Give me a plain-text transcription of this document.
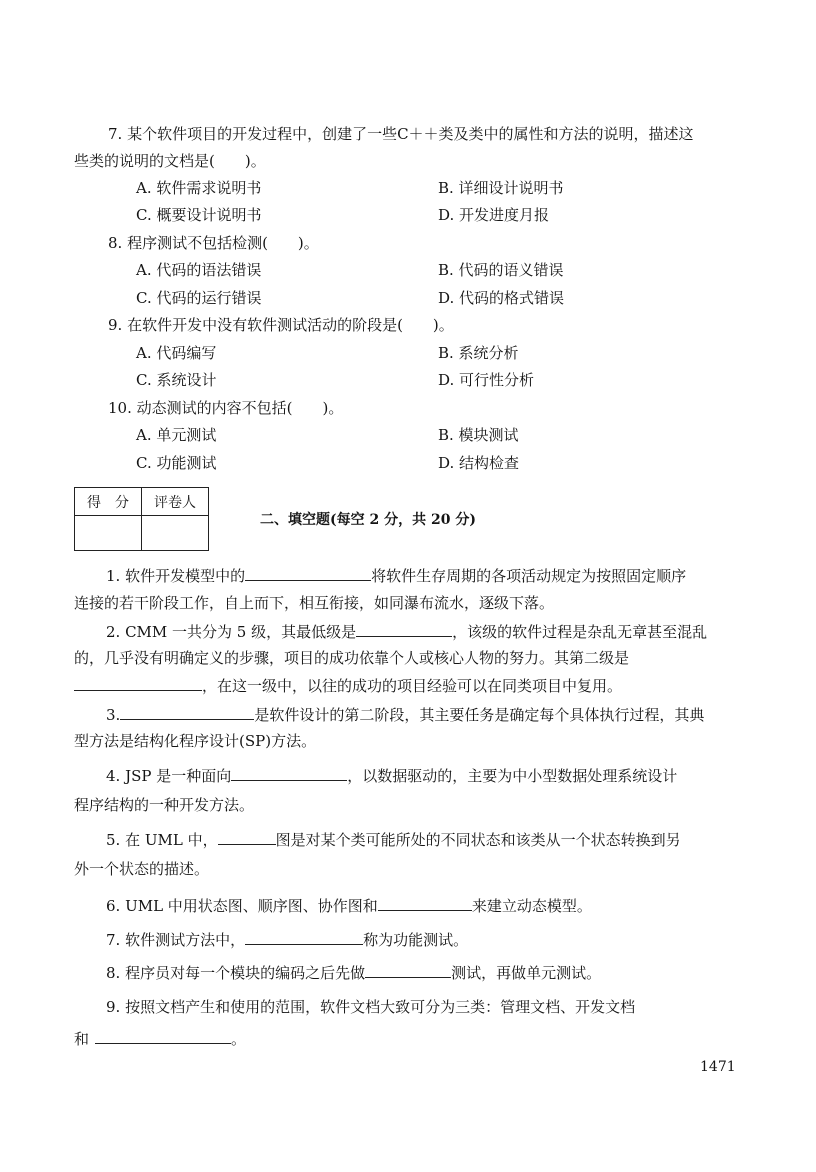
7. 某个软件项目的开发过程中，创建了一些C＋＋类及类中的属性和方法的说明，描述这
些类的说明的文档是(　　)。
A. 软件需求说明书	B. 详细设计说明书
C. 概要设计说明书	D. 开发进度月报
8. 程序测试不包括检测(　　)。
A. 代码的语法错误	B. 代码的语义错误
C. 代码的运行错误	D. 代码的格式错误
9. 在软件开发中没有软件测试活动的阶段是(　　)。
A. 代码编写	B. 系统分析
C. 系统设计	D. 可行性分析
10. 动态测试的内容不包括(　　)。
A. 单元测试	B. 模块测试
C. 功能测试	D. 结构检查
得　分	评卷人

二、填空题(每空 2 分，共 20 分)
1. 软件开发模型中的	将软件生存周期的各项活动规定为按照固定顺序
连接的若干阶段工作，自上而下，相互衔接，如同瀑布流水，逐级下落。
2. CMM 一共分为 5 级，其最低级是	，该级的软件过程是杂乱无章甚至混乱
的，几乎没有明确定义的步骤，项目的成功依靠个人或核心人物的努力。其第二级是
，在这一级中，以往的成功的项目经验可以在同类项目中复用。
3.	是软件设计的第二阶段，其主要任务是确定每个具体执行过程，其典
型方法是结构化程序设计(SP)方法。
4. JSP 是一种面向	，以数据驱动的，主要为中小型数据处理系统设计
程序结构的一种开发方法。
5. 在 UML 中，	图是对某个类可能所处的不同状态和该类从一个状态转换到另
外一个状态的描述。
6. UML 中用状态图、顺序图、协作图和	来建立动态模型。
7. 软件测试方法中，	称为功能测试。
8. 程序员对每一个模块的编码之后先做	测试，再做单元测试。
9. 按照文档产生和使用的范围，软件文档大致可分为三类：管理文档、开发文档
和	。
1471
